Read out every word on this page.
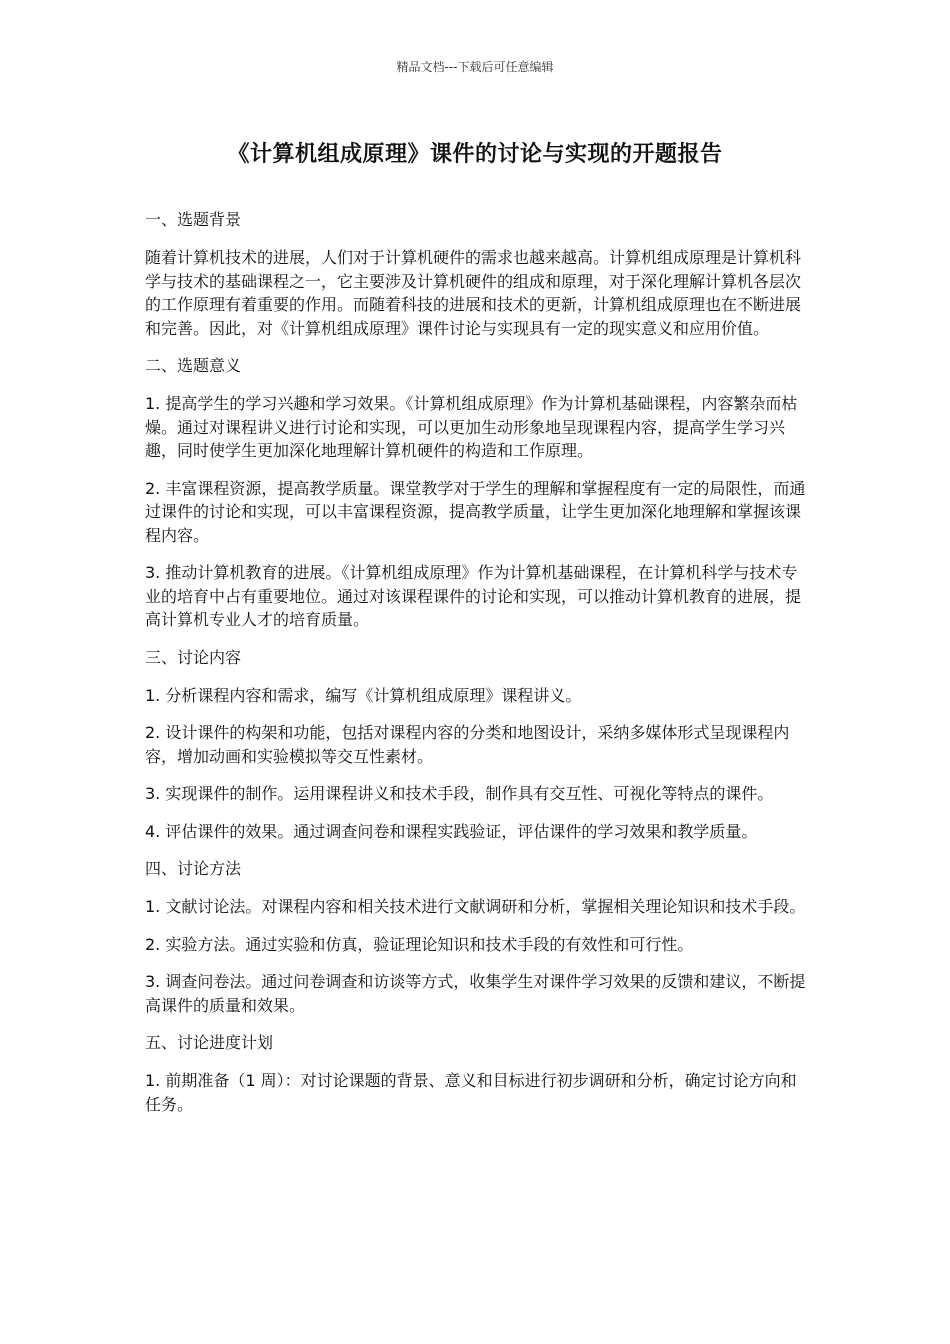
精品文档---下载后可任意编辑
《计算机组成原理》课件的讨论与实现的开题报告
一、选题背景

随着计算机技术的进展，人们对于计算机硬件的需求也越来越高。计算机组成原理是计算机科学与技术的基础课程之一，它主要涉及计算机硬件的组成和原理，对于深化理解计算机各层次的工作原理有着重要的作用。而随着科技的进展和技术的更新，计算机组成原理也在不断进展和完善。因此，对《计算机组成原理》课件讨论与实现具有一定的现实意义和应用价值。

二、选题意义

1. 提高学生的学习兴趣和学习效果。《计算机组成原理》作为计算机基础课程，内容繁杂而枯燥。通过对课程讲义进行讨论和实现，可以更加生动形象地呈现课程内容，提高学生学习兴趣，同时使学生更加深化地理解计算机硬件的构造和工作原理。

2. 丰富课程资源，提高教学质量。课堂教学对于学生的理解和掌握程度有一定的局限性，而通过课件的讨论和实现，可以丰富课程资源，提高教学质量，让学生更加深化地理解和掌握该课程内容。

3. 推动计算机教育的进展。《计算机组成原理》作为计算机基础课程，在计算机科学与技术专业的培育中占有重要地位。通过对该课程课件的讨论和实现，可以推动计算机教育的进展，提高计算机专业人才的培育质量。

三、讨论内容

1. 分析课程内容和需求，编写《计算机组成原理》课程讲义。

2. 设计课件的构架和功能，包括对课程内容的分类和地图设计，采纳多媒体形式呈现课程内容，增加动画和实验模拟等交互性素材。

3. 实现课件的制作。运用课程讲义和技术手段，制作具有交互性、可视化等特点的课件。

4. 评估课件的效果。通过调查问卷和课程实践验证，评估课件的学习效果和教学质量。

四、讨论方法

1. 文献讨论法。对课程内容和相关技术进行文献调研和分析，掌握相关理论知识和技术手段。

2. 实验方法。通过实验和仿真，验证理论知识和技术手段的有效性和可行性。

3. 调查问卷法。通过问卷调查和访谈等方式，收集学生对课件学习效果的反馈和建议，不断提高课件的质量和效果。

五、讨论进度计划

1. 前期准备（1 周）：对讨论课题的背景、意义和目标进行初步调研和分析，确定讨论方向和任务。
